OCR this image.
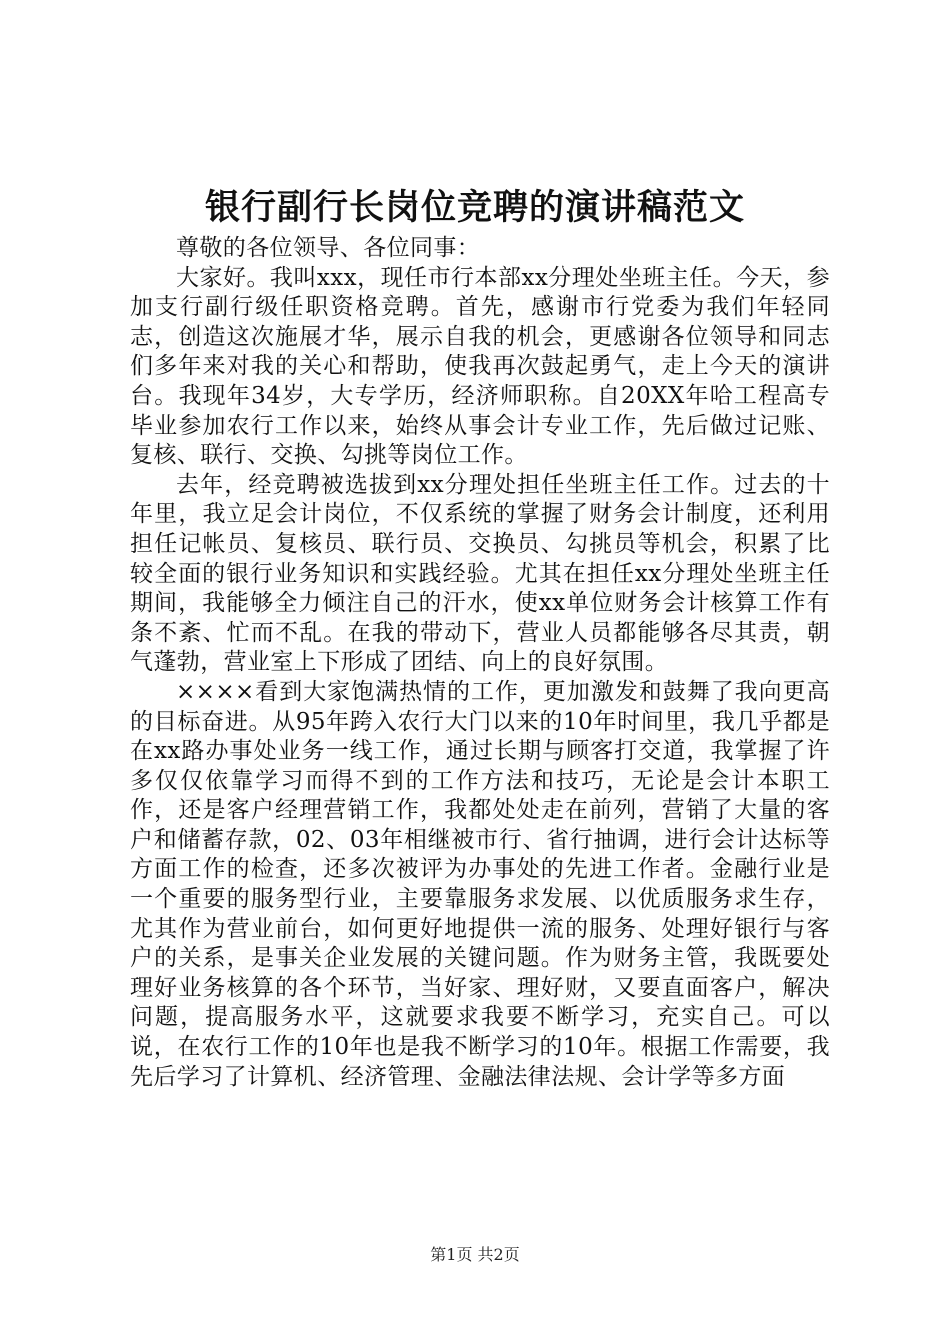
银行副行长岗位竞聘的演讲稿范文

尊敬的各位领导、各位同事：

大家好。我叫xxx，现任市行本部xx分理处坐班主任。今天，参加支行副行级任职资格竞聘。首先，感谢市行党委为我们年轻同志，创造这次施展才华，展示自我的机会，更感谢各位领导和同志们多年来对我的关心和帮助，使我再次鼓起勇气，走上今天的演讲台。我现年34岁，大专学历，经济师职称。自20XX年哈工程高专毕业参加农行工作以来，始终从事会计专业工作，先后做过记账、复核、联行、交换、勾挑等岗位工作。

去年，经竞聘被选拔到xx分理处担任坐班主任工作。过去的十年里，我立足会计岗位，不仅系统的掌握了财务会计制度，还利用担任记帐员、复核员、联行员、交换员、勾挑员等机会，积累了比较全面的银行业务知识和实践经验。尤其在担任xx分理处坐班主任期间，我能够全力倾注自己的汗水，使xx单位财务会计核算工作有条不紊、忙而不乱。在我的带动下，营业人员都能够各尽其责，朝气蓬勃，营业室上下形成了团结、向上的良好氛围。

××××看到大家饱满热情的工作，更加激发和鼓舞了我向更高的目标奋进。从95年跨入农行大门以来的10年时间里，我几乎都是在xx路办事处业务一线工作，通过长期与顾客打交道，我掌握了许多仅仅依靠学习而得不到的工作方法和技巧，无论是会计本职工作，还是客户经理营销工作，我都处处走在前列，营销了大量的客户和储蓄存款，02、03年相继被市行、省行抽调，进行会计达标等方面工作的检查，还多次被评为办事处的先进工作者。金融行业是一个重要的服务型行业，主要靠服务求发展、以优质服务求生存，尤其作为营业前台，如何更好地提供一流的服务、处理好银行与客户的关系，是事关企业发展的关键问题。作为财务主管，我既要处理好业务核算的各个环节，当好家、理好财，又要直面客户，解决问题，提高服务水平，这就要求我要不断学习，充实自己。可以说，在农行工作的10年也是我不断学习的10年。根据工作需要，我先后学习了计算机、经济管理、金融法律法规、会计学等多方面

第1页 共2页
